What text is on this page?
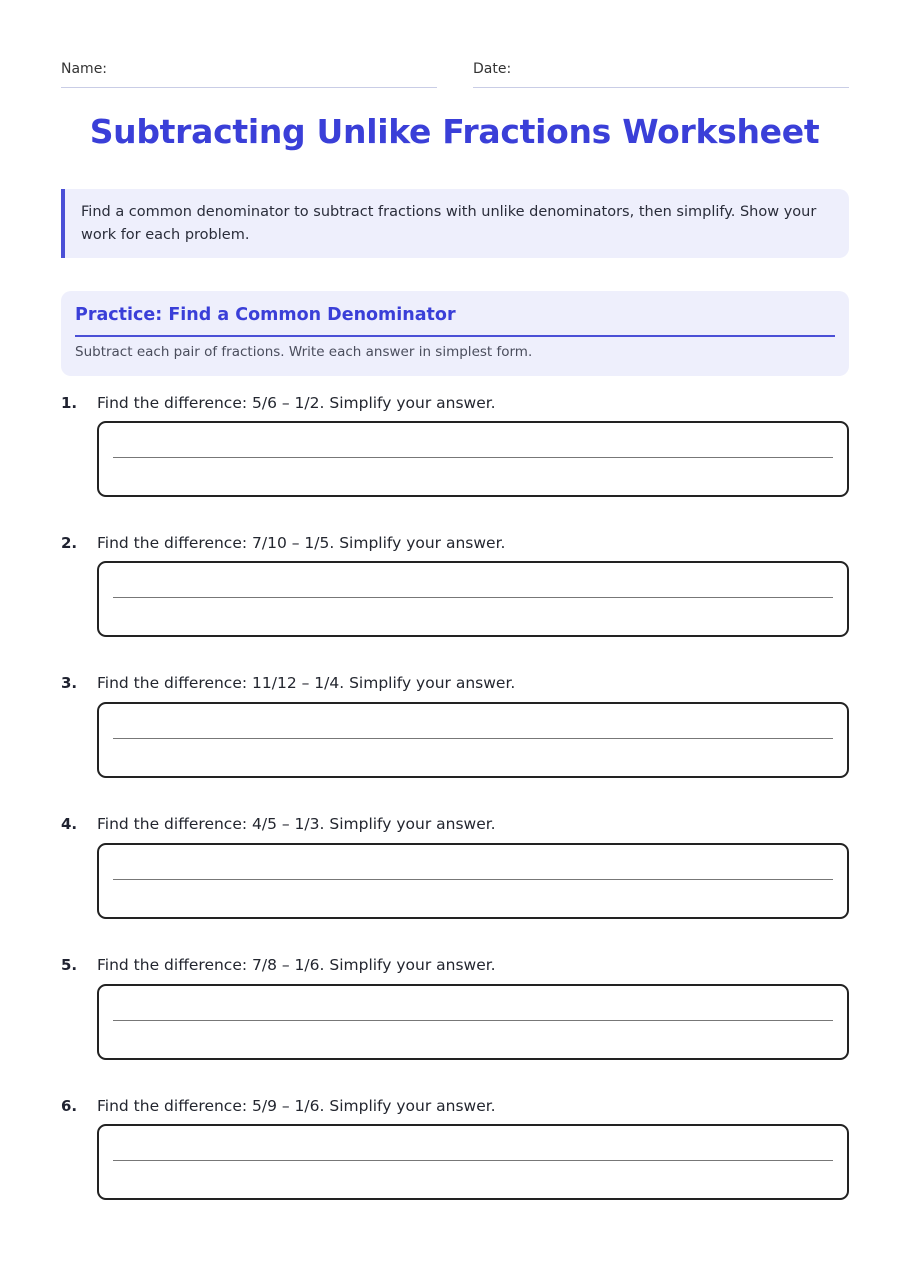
Name:	Date:
Subtracting Unlike Fractions Worksheet
Find a common denominator to subtract fractions with unlike denominators, then simplify. Show your work for each problem.
Practice: Find a Common Denominator
Subtract each pair of fractions. Write each answer in simplest form.
1. Find the difference: 5/6 – 1/2. Simplify your answer.
2. Find the difference: 7/10 – 1/5. Simplify your answer.
3. Find the difference: 11/12 – 1/4. Simplify your answer.
4. Find the difference: 4/5 – 1/3. Simplify your answer.
5. Find the difference: 7/8 – 1/6. Simplify your answer.
6. Find the difference: 5/9 – 1/6. Simplify your answer.
